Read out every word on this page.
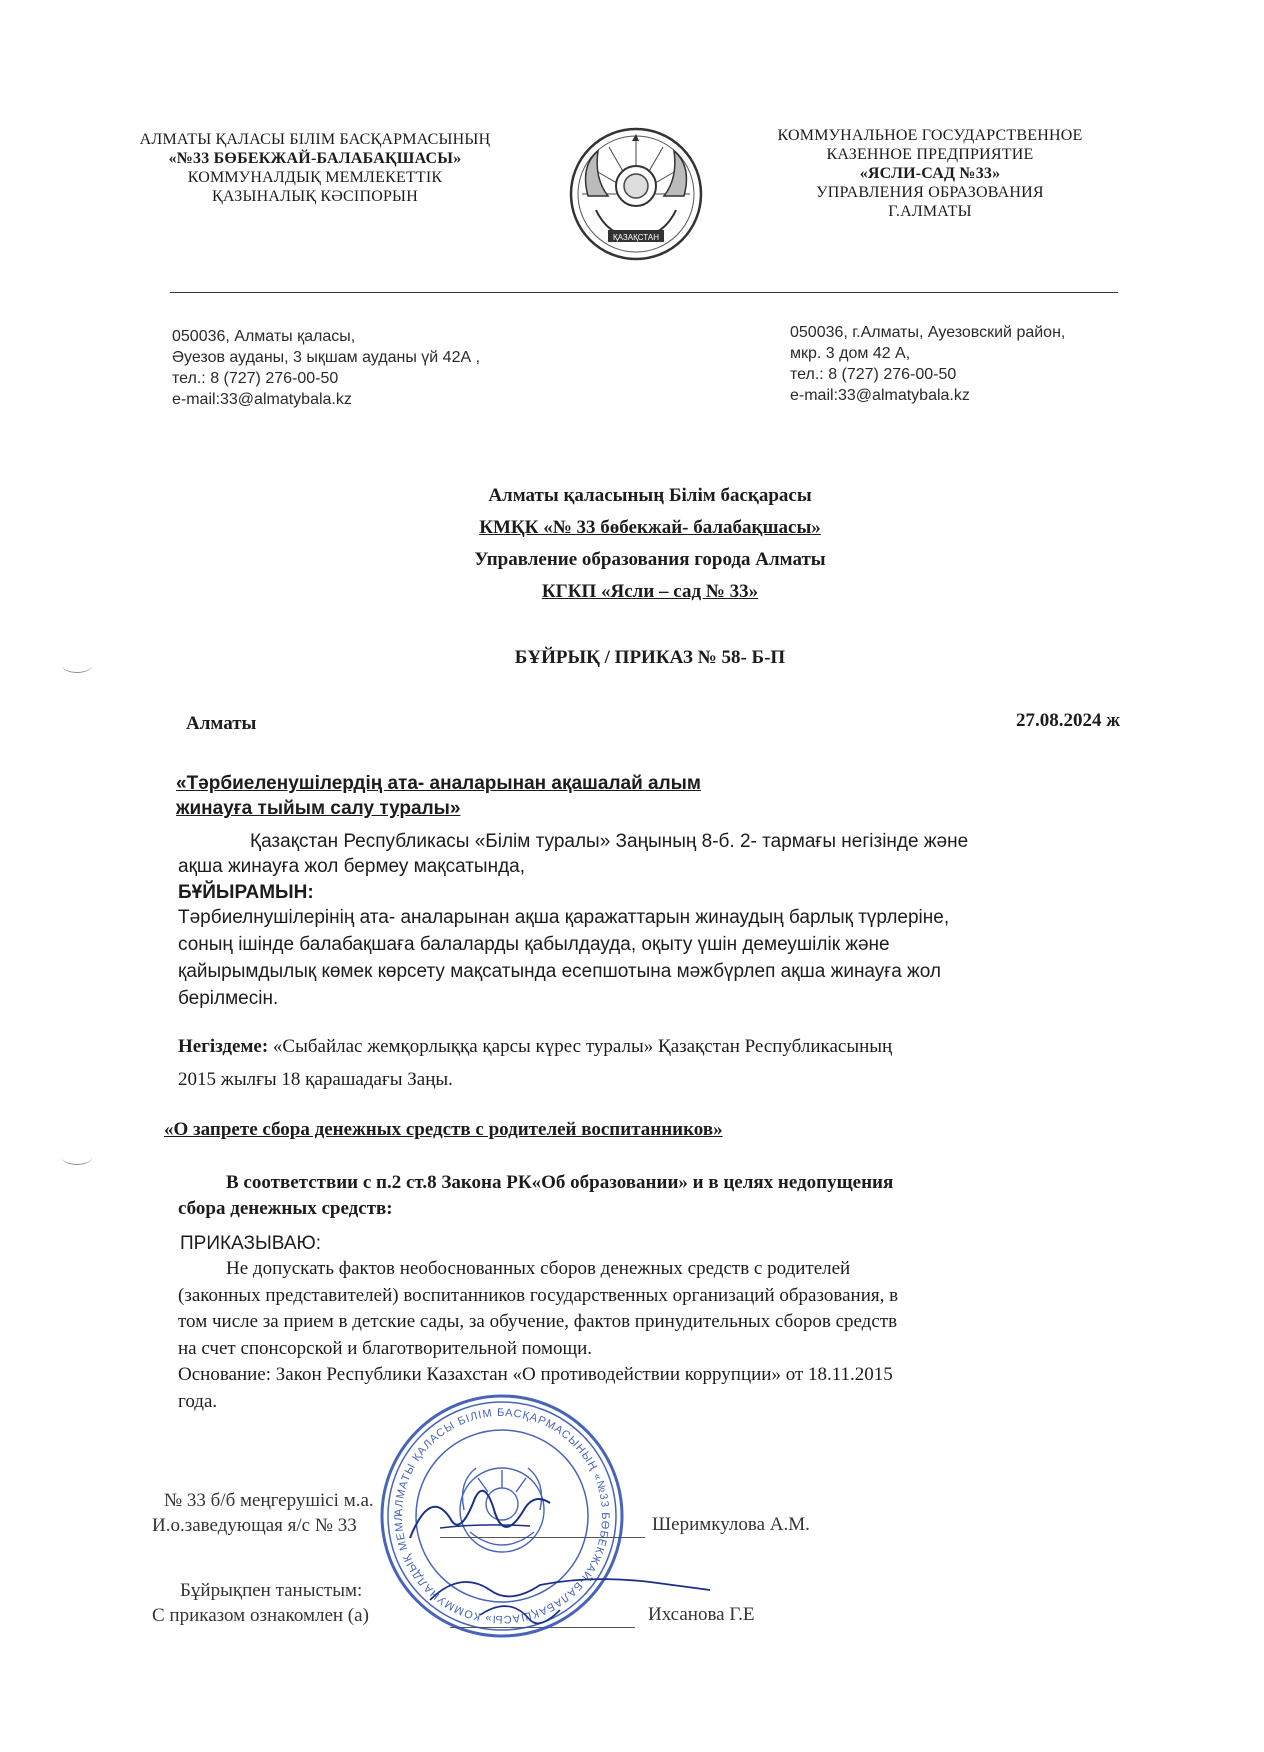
АЛМАТЫ ҚАЛАСЫ БІЛІМ БАСҚАРМАСЫНЫҢ
«№33 БӨБЕКЖАЙ-БАЛАБАҚШАСЫ»
КОММУНАЛДЫҚ МЕМЛЕКЕТТІК
ҚАЗЫНАЛЫҚ КӘСІПОРЫН
ҚАЗАҚСТАН
КОММУНАЛЬНОЕ ГОСУДАРСТВЕННОЕ
КАЗЕННОЕ ПРЕДПРИЯТИЕ
«ЯСЛИ-САД №33»
УПРАВЛЕНИЯ ОБРАЗОВАНИЯ
Г.АЛМАТЫ
050036, Алматы қаласы,
Әуезов ауданы, 3 ықшам ауданы үй 42А ,
тел.: 8 (727) 276-00-50
e-mail:33@almatybala.kz
050036, г.Алматы, Ауезовский район,
мкр. 3 дом 42 А,
тел.: 8 (727) 276-00-50
e-mail:33@almatybala.kz
Алматы қаласының Білім басқарасы
КМҚК «№ 33 бөбекжай- балабақшасы»
Управление образования города Алматы
КГКП «Ясли – сад № 33»
БҰЙРЫҚ / ПРИКАЗ № 58- Б-П
Алматы	27.08.2024 ж
«Тәрбиеленушілердің ата- аналарынан ақашалай алым
жинауға тыйым салу туралы»
Қазақстан Республикасы «Білім туралы» Заңының 8-б. 2- тармағы негізінде және
ақша жинауға жол бермеу мақсатында,
БҰЙЫРАМЫН:
Тәрбиелнушілерінің ата- аналарынан ақша қаражаттарын жинаудың барлық түрлеріне,
соның ішінде балабақшаға балаларды қабылдауда, оқыту үшін демеушілік және
қайырымдылық көмек көрсету мақсатында есепшотына мәжбүрлеп ақша жинауға жол
берілмесін.
Негіздеме: «Сыбайлас жемқорлыққа қарсы күрес туралы» Қазақстан Республикасының
2015 жылғы 18 қарашадағы Заңы.
«О запрете сбора денежных средств с родителей воспитанников»
В соответствии с п.2 ст.8 Закона РК«Об образовании» и в целях недопущения
сбора денежных средств:
ПРИКАЗЫВАЮ:
Не допускать фактов необоснованных сборов денежных средств с родителей
(законных представителей) воспитанников государственных организаций образования, в
том числе за прием в детские сады, за обучение, фактов принудительных сборов средств
на счет спонсорской и благотворительной помощи.
Основание: Закон Республики Казахстан «О противодействии коррупции» от 18.11.2015
года.
№ 33 б/б меңгерушісі м.а.
И.о.заведующая я/с № 33	Шеримкулова А.М.
Бұйрықпен таныстым:
С приказом ознакомлен (а)	Ихсанова Г.Е
АЛМАТЫ ҚАЛАСЫ БІЛІМ БАСҚАРМАСЫНЫҢ «№33 БӨБЕКЖАЙ-БАЛАБАҚШАСЫ» КОММУНАЛДЫҚ МЕМЛ
